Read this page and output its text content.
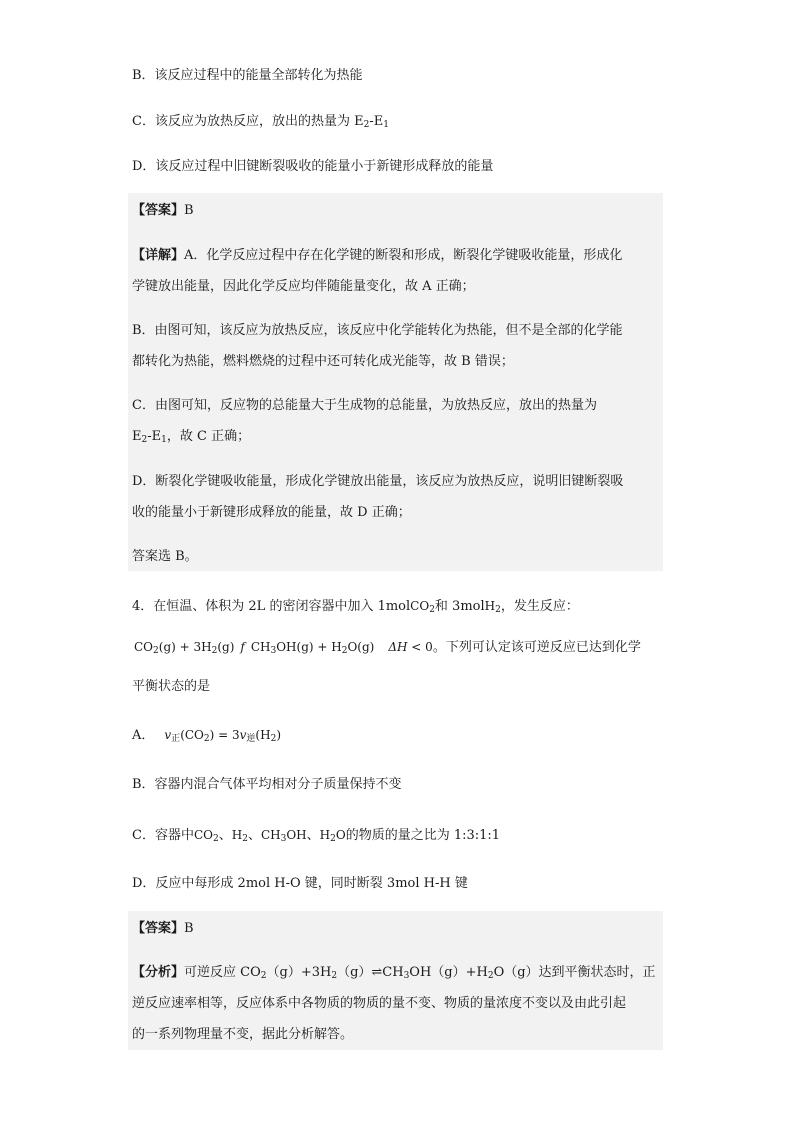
B．该反应过程中的能量全部转化为热能
C．该反应为放热反应，放出的热量为 $E_2-E_1$
D．该反应过程中旧键断裂吸收的能量小于新键形成释放的能量
【答案】B
【详解】A．化学反应过程中存在化学键的断裂和形成，断裂化学键吸收能量，形成化
学键放出能量，因此化学反应均伴随能量变化，故 A 正确；
B．由图可知，该反应为放热反应，该反应中化学能转化为热能，但不是全部的化学能
都转化为热能，燃料燃烧的过程中还可转化成光能等，故 B 错误；
C．由图可知，反应物的总能量大于生成物的总能量，为放热反应，放出的热量为
$E_2-E_1$，故 C 正确；
D．断裂化学键吸收能量，形成化学键放出能量，该反应为放热反应，说明旧键断裂吸
收的能量小于新键形成释放的能量，故 D 正确；
答案选 B。
4．在恒温、体积为 2L 的密闭容器中加入 1molCO$_2$和 3molH$_2$，发生反应：
$CO_2(g) + 3H_2(g)$ f $CH_3OH(g) + H_2O(g) \Delta H < 0$。下列可认定该可逆反应已达到化学
平衡状态的是
A． $v_正(CO_2) = 3v_逆(H_2)$
B．容器内混合气体平均相对分子质量保持不变
C．容器中$CO_2$、$H_2$、$CH_3OH$、$H_2O$的物质的量之比为 1:3:1:1
D．反应中每形成 2mol H-O 键，同时断裂 3mol H-H 键
【答案】B
【分析】可逆反应 $CO_2(g)+3H_2(g)\rightleftharpoons CH_3OH(g)+H_2O(g)$达到平衡状态时，正
逆反应速率相等，反应体系中各物质的物质的量不变、物质的量浓度不变以及由此引起
的一系列物理量不变，据此分析解答。
